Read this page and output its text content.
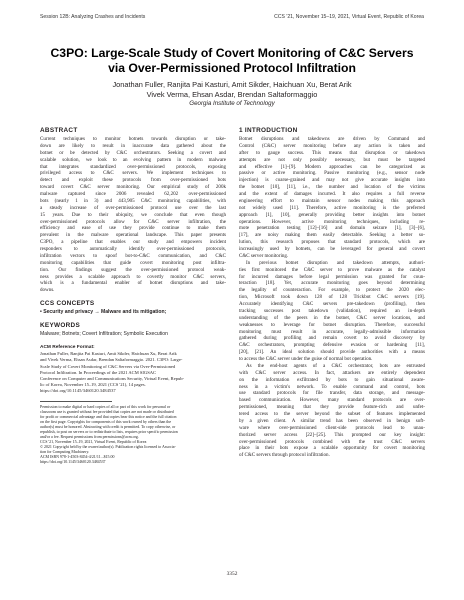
Session 12B: Analyzing Crashes and Incidents	CCS '21, November 15–19, 2021, Virtual Event, Republic of Korea
C3PO: Large-Scale Study of Covert Monitoring of C&C Servers
via Over-Permissioned Protocol Infiltration
Jonathan Fuller, Ranjita Pai Kasturi, Amit Sikder, Haichuan Xu, Berat Arik
Vivek Verma, Ehsan Asdar, Brendan Saltaformaggio
Georgia Institute of Technology
ABSTRACT
Current techniques to monitor botnets towards disruption or take-
down are likely to result in inaccurate data gathered about the
botnet or be detected by C&C orchestrators. Seeking a covert and
scalable solution, we look to an evolving pattern in modern malware
that integrates standardized over-permissioned protocols, exposing
privileged access to C&C servers. We implement techniques to
detect and exploit these protocols from over-permissioned bots
toward covert C&C server monitoring. Our empirical study of 200k
malware captured since 2006 revealed 62,202 over-permissioned
bots (nearly 1 in 3) and 443,905 C&C monitoring capabilities, with
a steady increase of over-permissioned protocol use over the last
15 years. Due to their ubiquity, we conclude that even though
over-permissioned protocols allow for C&C server infiltration, the
efficiency and ease of use they provide continue to make them
prevalent in the malware operational landscape. This paper presents
C3PO, a pipeline that enables our study and empowers incident
responders to automatically identify over-permissioned protocols,
infiltration vectors to spoof bot-to-C&C communication, and C&C
monitoring capabilities that guide covert monitoring post infiltra-
tion. Our findings suggest the over-permissioned protocol weak-
ness provides a scalable approach to covertly monitor C&C servers,
which is a fundamental enabler of botnet disruptions and take-
downs.
CCS CONCEPTS
• Security and privacy → Malware and its mitigation;
KEYWORDS
Malware; Botnets; Covert Infiltration; Symbolic Execution
ACM Reference Format:
Jonathan Fuller, Ranjita Pai Kasturi, Amit Sikder, Haichuan Xu, Berat Arik
and Vivek Verma, Ehsan Asdar, Brendan Saltaformaggio. 2021. C3PO: Large-
Scale Study of Covert Monitoring of C&C Servers via Over-Permissioned
Protocol Infiltration. In Proceedings of the 2021 ACM SIGSAC
Conference on Computer and Communications Security, Virtual Event, Repub-
lic of Korea, November 15–19, 2021 (CCS '21), 14 pages.
https://doi.org/10.1145/3460120.3484537
Permission to make digital or hard copies of all or part of this work for personal or
classroom use is granted without fee provided that copies are not made or distributed
for profit or commercial advantage and that copies bear this notice and the full citation
on the first page. Copyrights for components of this work owned by others than the
author(s) must be honored. Abstracting with credit is permitted. To copy otherwise, or
republish, to post on servers or to redistribute to lists, requires prior specific permission
and/or a fee. Request permissions from permissions@acm.org.
CCS '21, November 15–19, 2021, Virtual Event, Republic of Korea
© 2021 Copyright held by the owner/author(s). Publication rights licensed to Associa-
tion for Computing Machinery.
ACM ISBN 978-1-4503-8454-4/21/11...$15.00
https://doi.org/10.1145/3460120.3484537
1 INTRODUCTION
Botnet disruptions and takedowns are driven by Command and
Control (C&C) server monitoring before any action is taken and
after to gauge success. This means that disruption or takedown
attempts are not only possibly necessary, but must be targeted
and effective [1]–[9]. Modern approaches can be categorized as
passive or active monitoring. Passive monitoring (e.g., sensor node
injection) is coarse-grained and may not give accurate insights into
the botnet [10], [11], i.e., the number and location of the victims
and the extent of damages incurred. It also requires a full reverse
engineering effort to maintain sensor nodes making this approach
not widely used [11]. Therefore, active monitoring is the preferred
approach [1], [10], generally providing better insights into botnet
operations. However, active monitoring techniques, including re-
mote penetration testing [12]–[16] and domain seizure [1], [3]–[6],
[17], are noisy making them easily detectable. Seeking a better so-
lution, this research proposes that standard protocols, which are
increasingly used by botnets, can be leveraged for general and covert
C&C server monitoring.
In previous botnet disruption and takedown attempts, authori-
ties first monitored the C&C server to prove malware as the catalyst
for incurred damages before legal permission was granted for coun-
teraction [18]. Yet, accurate monitoring goes beyond determining
the legality of counteraction. For example, to protect the 2020 elec-
tion, Microsoft took down 128 of 128 Trickbot C&C servers [19].
Accurately identifying C&C servers pre-takedown (profiling), then
tracking successes post takedown (validation), required an in-depth
understanding of the peers in the botnet, C&C server locations, and
weaknesses to leverage for botnet disruption. Therefore, successful
monitoring must result in accurate, legally-admissible information
gathered during profiling and remain covert to avoid discovery by
C&C orchestrators, prompting defensive evasion or hardening [11],
[20], [21]. An ideal solution should provide authorities with a means
to access the C&C server under the guise of normal bot operation.
As the end-host agents of a C&C orchestrator, bots are entrusted
with C&C server access. In fact, attackers are entirely dependent
on the information exfiltrated by bots to gain situational aware-
ness in a victim's network. To enable command and control, bots
use standard protocols for file transfer, data storage, and message-
based communication. However, many standard protocols are over-
permissioned, meaning that they provide feature-rich and unfet-
tered access to the server beyond the subset of features implemented
by a given client. A similar trend has been observed in benign soft-
ware where over-permissioned client-side protocols lead to unau-
thorized server access [22]–[25]. This prompted our key insight:
over-permissioned protocols combined with the trust C&C servers
place in their bots expose a scalable opportunity for covert monitoring
of C&C servers through protocol infiltration.
3352
